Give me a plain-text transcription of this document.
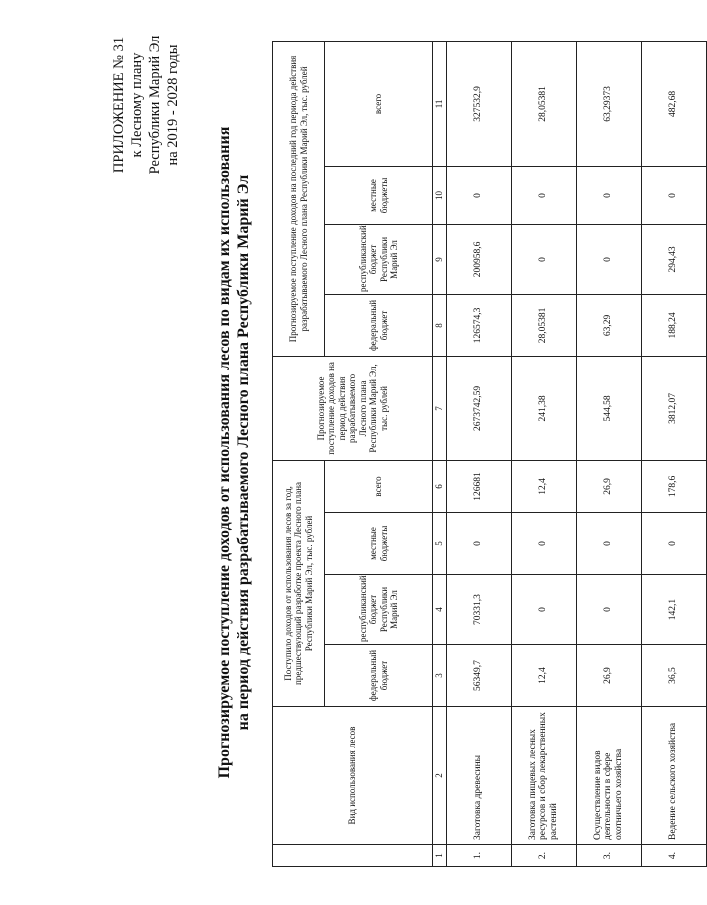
ПРИЛОЖЕНИЕ № 31 к Лесному плану Республики Марий Эл на 2019 - 2028 годы
Прогнозируемое поступление доходов от использования лесов по видам их использования на период действия разрабатываемого Лесного плана Республики Марий Эл
	Вид использования лесов	Поступило доходов от использования лесов за год, предшествующий разработке проекта Лесного плана Республики Марий Эл, тыс. рублей				Прогнозируемое поступление доходов на период действия разрабатываемого Лесного плана Республики Марий Эл, тыс. рублей	Прогнозируемое поступление доходов на последний год периода действия разрабатываемого Лесного плана Республики Марий Эл, тыс. рублей			
		федеральный бюджет	республиканский бюджет Республики Марий Эл	местные бюджеты	всего		федеральный бюджет	республиканский бюджет Республики Марий Эл	местные бюджеты	всего
1	2	3	4	5	6	7	8	9	10	11
1.	Заготовка древесины	56349,7	70331,3	0	126681	2673742,59	126574,3	200958,6	0	327532,9
2.	Заготовка пищевых лесных ресурсов и сбор лекарственных растений	12,4	0	0	12,4	241,38	28,05381	0	0	28,05381
3.	Осуществление видов деятельности в сфере охотничьего хозяйства	26,9	0	0	26,9	544,58	63,29	0	0	63,29373
4.	Ведение сельского хозяйства	36,5	142,1	0	178,6	3812,07	188,24	294,43	0	482,68
